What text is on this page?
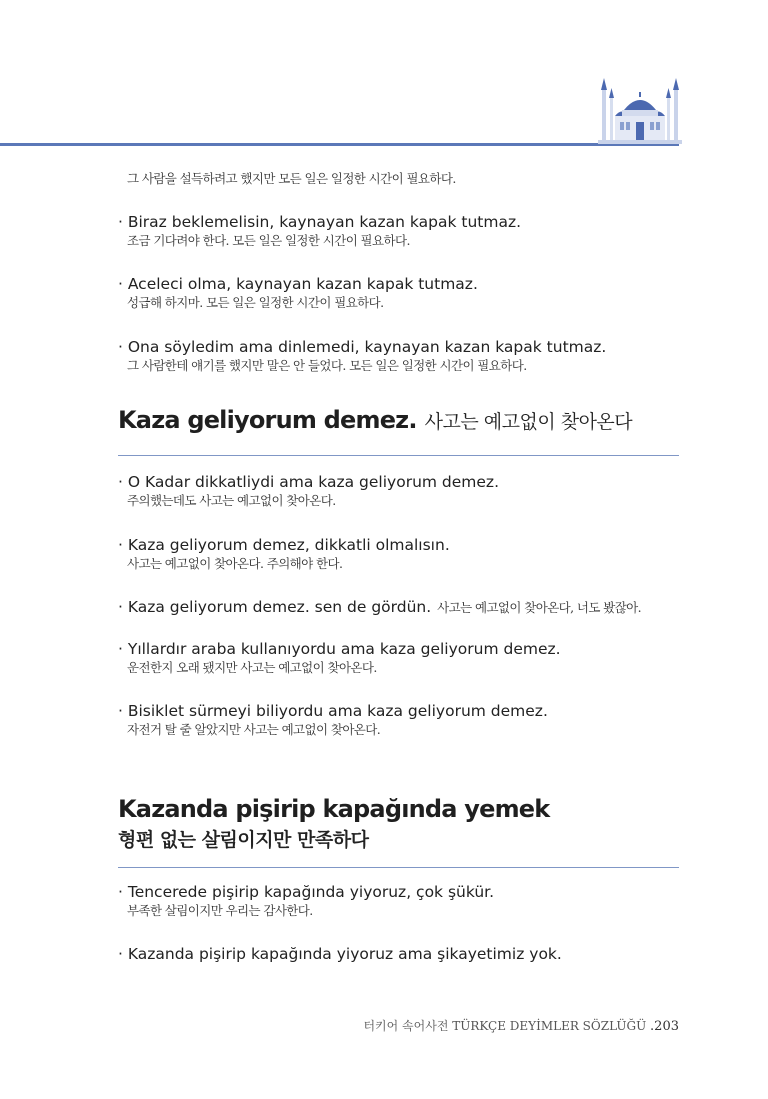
그 사람을 설득하려고 했지만 모든 일은 일정한 시간이 필요하다.
· Biraz beklemelisin, kaynayan kazan kapak tutmaz.
조금 기다려야 한다. 모든 일은 일정한 시간이 필요하다.
· Aceleci olma, kaynayan kazan kapak tutmaz.
성급해 하지마. 모든 일은 일정한 시간이 필요하다.
· Ona söyledim ama dinlemedi, kaynayan kazan kapak tutmaz.
그 사람한테 얘기를 했지만 말은 안 들었다. 모든 일은 일정한 시간이 필요하다.
Kaza geliyorum demez. 사고는 예고없이 찾아온다
· O Kadar dikkatliydi ama kaza geliyorum demez.
주의했는데도 사고는 예고없이 찾아온다.
· Kaza geliyorum demez, dikkatli olmalısın.
사고는 예고없이 찾아온다. 주의해야 한다.
· Kaza geliyorum demez. sen de gördün. 사고는 예고없이 찾아온다, 너도 봤잖아.
· Yıllardır araba kullanıyordu ama kaza geliyorum demez.
운전한지 오래 됐지만 사고는 예고없이 찾아온다.
· Bisiklet sürmeyi biliyordu ama kaza geliyorum demez.
자전거 탈 줄 알았지만 사고는 예고없이 찾아온다.
Kazanda pişirip kapağında yemek
형편 없는 살림이지만 만족하다
· Tencerede pişirip kapağında yiyoruz, çok şükür.
부족한 살림이지만 우리는 감사한다.
· Kazanda pişirip kapağında yiyoruz ama şikayetimiz yok.
터키어 속어사전 TÜRKÇE DEYİMLER SÖZLÜĞÜ .203
